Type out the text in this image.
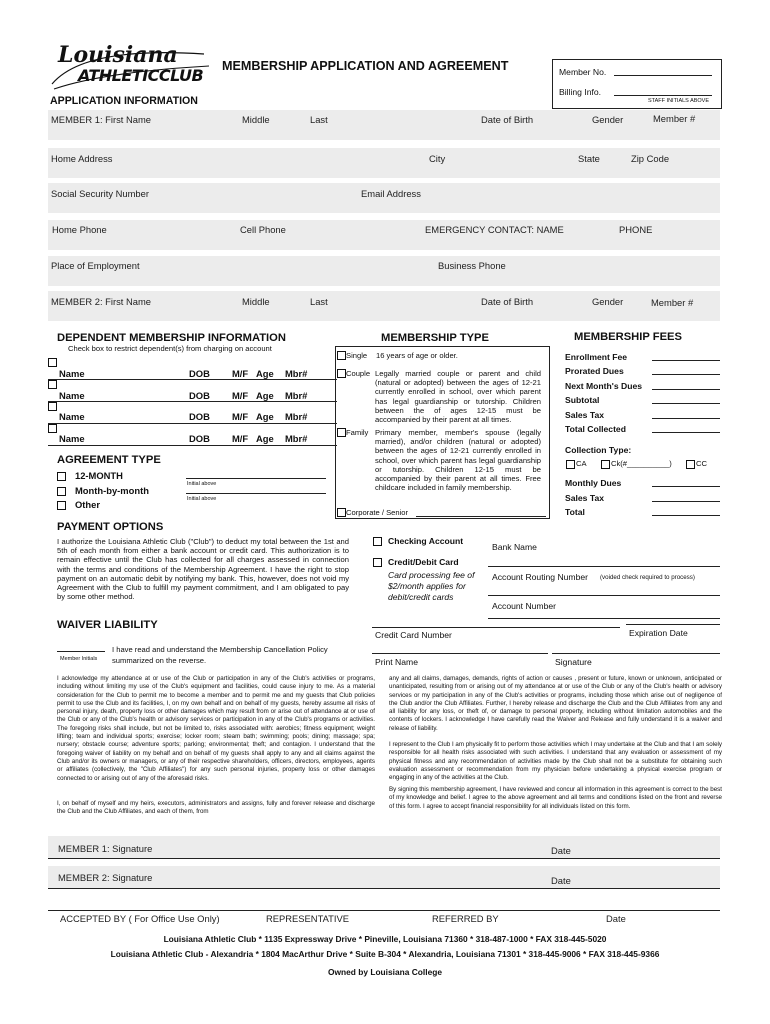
Louisiana
ATHLETICCLUB MEMBERSHIP APPLICATION AND AGREEMENT	Member No.
Billing Info.
STAFF INITIALS ABOVE
APPLICATION INFORMATION
MEMBER 1: First Name	Middle	Last	Date of Birth	Gender	Member #
Home Address	City	State	Zip Code
Social Security Number	Email Address
Home Phone	Cell Phone	EMERGENCY CONTACT: NAME	PHONE
Place of Employment	Business Phone
MEMBER 2: First Name	Middle	Last	Date of Birth	Gender	Member #
DEPENDENT MEMBERSHIP INFORMATION
Check box to restrict dependent(s) from charging on account
Name	DOB M/F Age Mbr#
Name	DOB M/F Age Mbr#
Name	DOB M/F Age Mbr#
Name	DOB M/F Age Mbr#
AGREEMENT TYPE
12-MONTH
Month-by-month
Other
Initial above
Initial above
MEMBERSHIP TYPE
Single 16 years of age or older.
Couple Legally married couple or parent and child (natural or adopted) between the ages of 12-21 currently enrolled in school, over which parent has legal guardianship or tutorship. Children between the of ages 12-15 must be accompanied by their parent at all times.
Family Primary member, member's spouse (legally married), and/or children (natural or adopted) between the ages of 12-21 currently enrolled in school, over which parent has legal guardianship or tutorship. Children 12-15 must be accompanied by their parent at all times. Free childcare included in family membership.
Corporate / Senior
MEMBERSHIP FEES
Enrollment Fee
Prorated Dues
Next Month's Dues
Subtotal
Sales Tax
Total Collected
Collection Type:
CA	Ck(#__________)	CC
Monthly Dues
Sales Tax
Total
PAYMENT OPTIONS
I authorize the Louisiana Athletic Club ("Club") to deduct my total between the 1st and 5th of each month from either a bank account or credit card. This authorization is to remain effective until the Club has collected for all charges assessed in connection with the terms and conditions of the Membership Agreement. I have the right to stop payment on an automatic debit by notifying my bank. This, however, does not void my Agreement with the Club to fulfill my payment commitment, and I am obligated to pay by some other method.
Checking Account
Credit/Debit Card
Card processing fee of $2/month applies for debit/credit cards
Bank Name
Account Routing Number (voided check required to process)
Account Number
Credit Card Number	Expiration Date
Print Name	Signature
WAIVER LIABILITY
Member Initials
I have read and understand the Membership Cancellation Policy summarized on the reverse.
I acknowledge my attendance at or use of the Club or participation in any of the Club's activities or programs, including without limiting my use of the Club's equipment and facilities, could cause injury to me. As a material consideration for the Club to permit me to become a member and to permit me and my guests that Club policies permit to use the Club and its facilities, I, on my own behalf and on behalf of my guests, hereby assume all risks of personal injury, death, property loss or other damages which may result from or arise out of attendance at or use of the Club or any of the Club's health or advisory services or participation in any of the Club's programs or activities. The foregoing risks shall include, but not be limited to, risks associated with: aerobics; fitness equipment; weight lifting; team and individual sports; exercise; locker room; steam bath; swimming; pools; dining; massage; spa; nursery; obstacle course; adventure sports; parking; environmental; theft; and contagion. I understand that the foregoing waiver of liability on my behalf and on behalf of my guests shall apply to any and all claims against the Club and/or its owners or managers, or any of their respective shareholders, officers, directors, employees, agents or affiliates (collectively, the "Club Affiliates") for any such personal injuries, property loss or other damages connected to or arising out of any of the aforesaid risks.
I, on behalf of myself and my heirs, executors, administrators and assigns, fully and forever release and discharge the Club and the Club Affiliates, and each of them, from
any and all claims, damages, demands, rights of action or causes , present or future, known or unknown, anticipated or unanticipated, resulting from or arising out of my attendance at or use of the Club or any of the Club's health or advisory services or my participation in any of the Club's activities or programs, including those which arise out of negligence of the Club and/or the Club Affiliates. Further, I hereby release and discharge the Club and the Club Affiliates from any and all liability for any loss, or theft of, or damage to personal property, including without limitation automobiles and the contents of lockers. I acknowledge I have carefully read the Waiver and Release and fully understand it is a waiver and release of liability.
I represent to the Club I am physically fit to perform those activities which I may undertake at the Club and that I am solely responsible for all health risks associated with such activities. I understand that any evaluation or assessment of my physical fitness and any recommendation of activities made by the Club shall not be a substitute for obtaining such evaluation assessment or recommendation from my physician before undertaking a physical exercise program or engaging in any of the activities at the Club.
By signing this membership agreement, I have reviewed and concur all information in this agreement is correct to the best of my knowledge and belief. I agree to the above agreement and all terms and conditions listed on the front and reverse of this form. I agree to accept financial responsibility for all individuals listed on this form.
MEMBER 1: Signature	Date
MEMBER 2: Signature	Date
ACCEPTED BY ( For Office Use Only)	REPRESENTATIVE	REFERRED BY	Date
Louisiana Athletic Club * 1135 Expressway Drive * Pineville, Louisiana 71360 * 318-487-1000 * FAX 318-445-5020
Louisiana Athletic Club - Alexandria * 1804 MacArthur Drive * Suite B-304 * Alexandria, Louisiana 71301 * 318-445-9006 * FAX 318-445-9366
Owned by Louisiana College
